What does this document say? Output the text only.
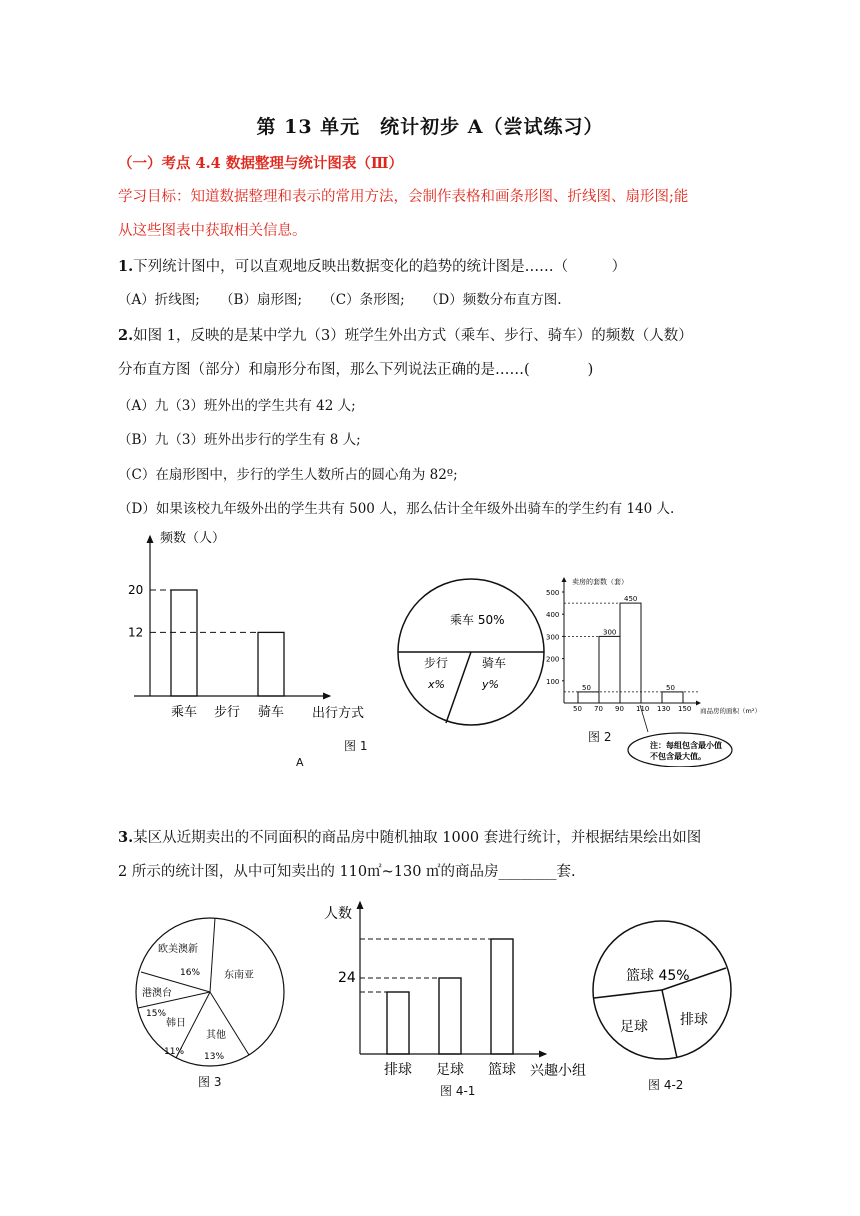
第 13 单元　统计初步 A（尝试练习）
（一）考点 4.4 数据整理与统计图表（Ⅲ）
学习目标：知道数据整理和表示的常用方法，会制作表格和画条形图、折线图、扇形图;能
从这些图表中获取相关信息。
1.下列统计图中，可以直观地反映出数据变化的趋势的统计图是……（　　　）
（A）折线图;　　（B）扇形图;　　（C）条形图;　　（D）频数分布直方图.
2.如图 1，反映的是某中学九（3）班学生外出方式（乘车、步行、骑车）的频数（人数）
分布直方图（部分）和扇形分布图，那么下列说法正确的是……(　　　　)
（A）九（3）班外出的学生共有 42 人;
（B）九（3）班外出步行的学生有 8 人;
（C）在扇形图中，步行的学生人数所占的圆心角为 82º;
（D）如果该校九年级外出的学生共有 500 人，那么估计全年级外出骑车的学生约有 140 人.
频数（人）
出行方式
20
乘车 步行
12
骑车
乘车 50%
步行
x%
骑车
y%
卖房的套数（套）
商品房的面积（m²）
100
200
300
400
500
50 70 90 110 130 150
50
300
450
50
注：每组包含最小值
不包含最大值。
图 1
A
图 2
3.某区从近期卖出的不同面积的商品房中随机抽取 1000 套进行统计，并根据结果绘出如图
2 所示的统计图，从中可知卖出的 110㎡~130 ㎡的商品房________套.
欧美澳新
16% 东南亚
其他
13%
韩日
11%
港澳台
15%
图 3
人数
兴趣小组
排球 足球 篮球
24
图 4-1
篮球 45%
足球 排球
图 4-2
